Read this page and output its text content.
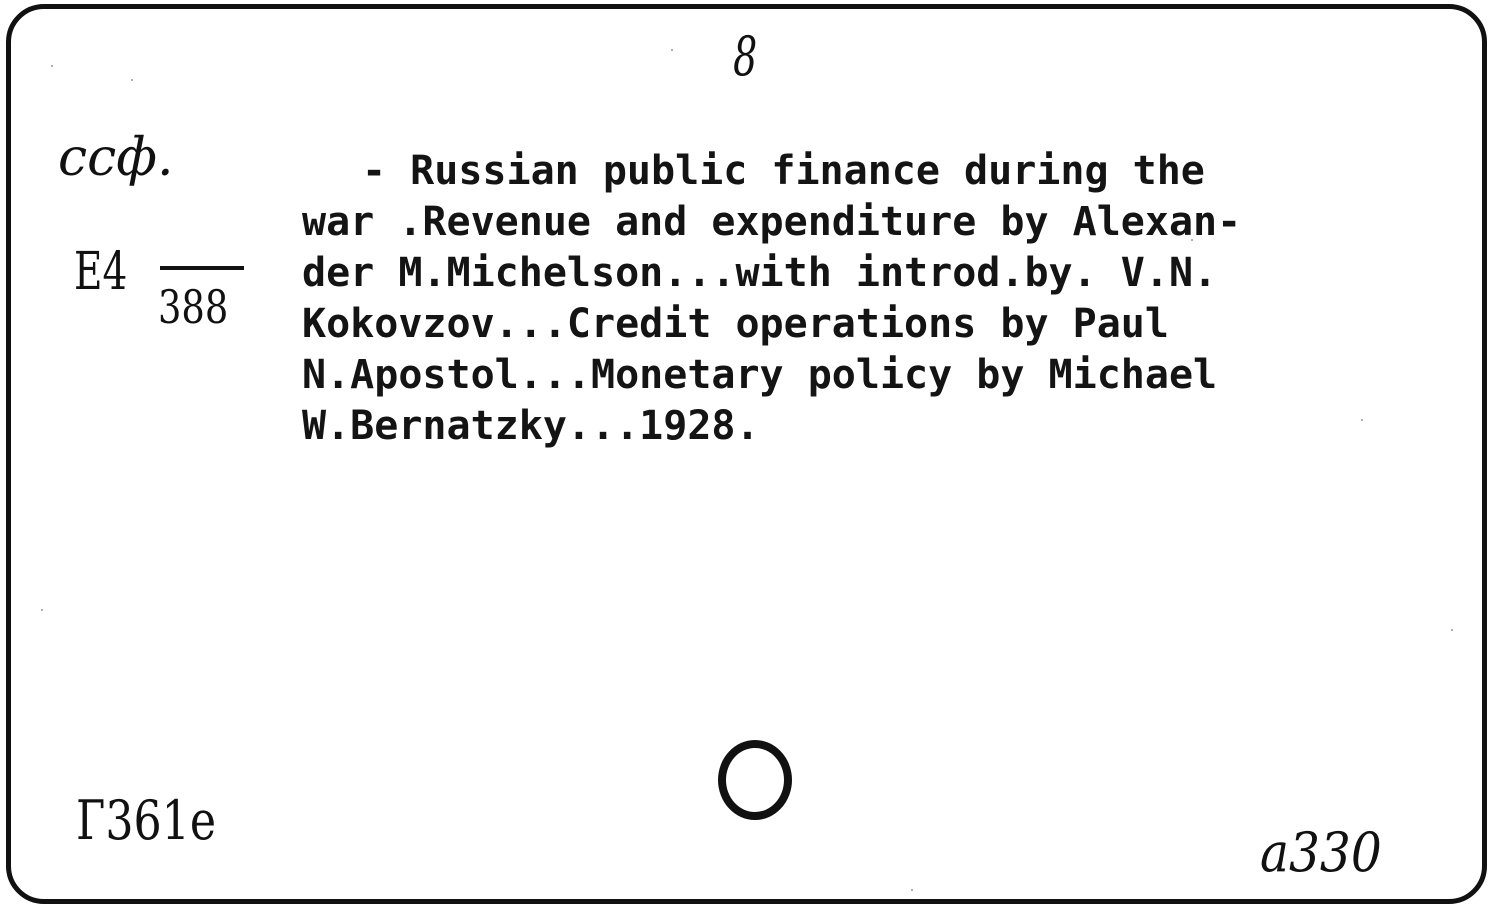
8
ccф.
E4
388
- Russian public finance during the
war .Revenue and expenditure by Alexan-
der M.Michelson...with introd.by. V.N.
Kokovzov...Credit operations by Paul
N.Apostol...Monetary policy by Michael
W.Bernatzky...1928.
Г361е
а330
